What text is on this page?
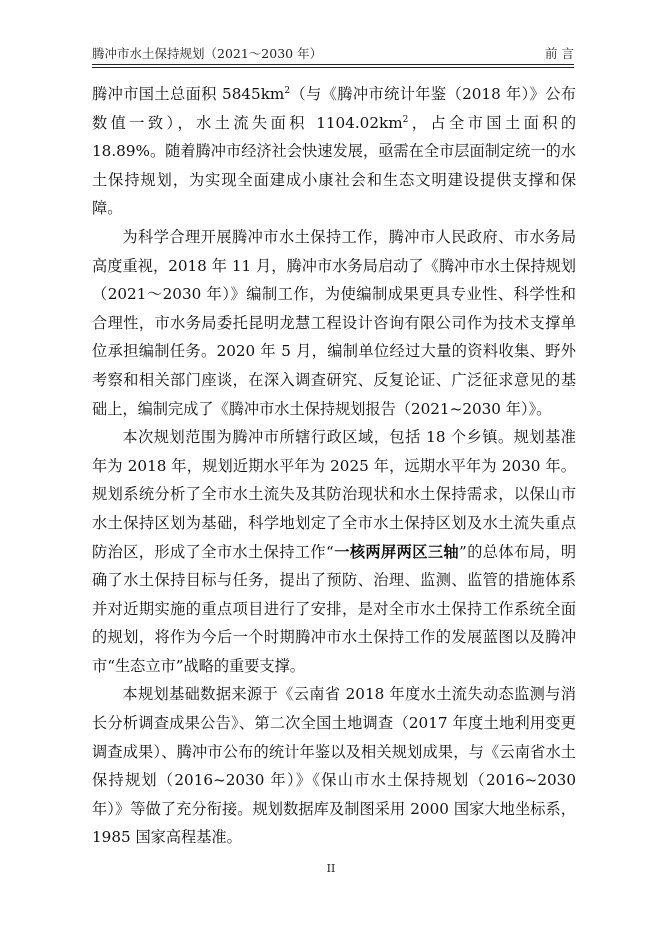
腾冲市水土保持规划（2021～2030 年）	前 言

腾冲市国土总面积 $5845km^2$（与《腾冲市统计年鉴（2018 年）》公布数值一致），水土流失面积 $1104.02km^2$，占全市国土面积的 18.89%。随着腾冲市经济社会快速发展，亟需在全市层面制定统一的水土保持规划，为实现全面建成小康社会和生态文明建设提供支撑和保障。

为科学合理开展腾冲市水土保持工作，腾冲市人民政府、市水务局高度重视，2018 年 11 月，腾冲市水务局启动了《腾冲市水土保持规划（2021～2030 年）》编制工作，为使编制成果更具专业性、科学性和合理性，市水务局委托昆明龙慧工程设计咨询有限公司作为技术支撑单位承担编制任务。2020 年 5 月，编制单位经过大量的资料收集、野外考察和相关部门座谈，在深入调查研究、反复论证、广泛征求意见的基础上，编制完成了《腾冲市水土保持规划报告（2021~2030 年）》。

本次规划范围为腾冲市所辖行政区域，包括 18 个乡镇。规划基准年为 2018 年，规划近期水平年为 2025 年，远期水平年为 2030 年。规划系统分析了全市水土流失及其防治现状和水土保持需求，以保山市水土保持区划为基础，科学地划定了全市水土保持区划及水土流失重点防治区，形成了全市水土保持工作“一核两屏两区三轴”的总体布局，明确了水土保持目标与任务，提出了预防、治理、监测、监管的措施体系并对近期实施的重点项目进行了安排，是对全市水土保持工作系统全面的规划，将作为今后一个时期腾冲市水土保持工作的发展蓝图以及腾冲市“生态立市”战略的重要支撑。

本规划基础数据来源于《云南省 2018 年度水土流失动态监测与消长分析调查成果公告》、第二次全国土地调查（2017 年度土地利用变更调查成果）、腾冲市公布的统计年鉴以及相关规划成果，与《云南省水土保持规划（2016~2030 年）》《保山市水土保持规划（2016~2030 年）》等做了充分衔接。规划数据库及制图采用 2000 国家大地坐标系，1985 国家高程基准。

II
